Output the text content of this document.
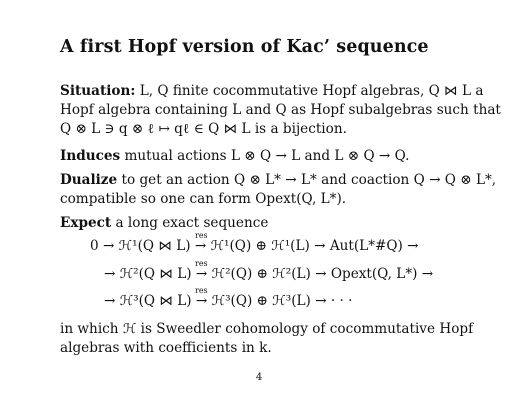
A first Hopf version of Kac’ sequence
Situation: L, Q finite cocommutative Hopf algebras, Q ⋈ L a
Hopf algebra containing L and Q as Hopf subalgebras such that
Q ⊗ L ∋ q ⊗ ℓ ↦ qℓ ∈ Q ⋈ L is a bijection.
Induces mutual actions L ⊗ Q → L and L ⊗ Q → Q.
Dualize to get an action Q ⊗ L* → L* and coaction Q → Q ⊗ L*,
compatible so one can form Opext(Q, L*).
Expect a long exact sequence
0 → ℋ¹(Q ⋈ L) → ℋ¹(Q) ⊕ ℋ¹(L) → Aut(L*#Q) →
→ ℋ²(Q ⋈ L) → ℋ²(Q) ⊕ ℋ²(L) → Opext(Q, L*) →
→ ℋ³(Q ⋈ L) → ℋ³(Q) ⊕ ℋ³(L) → · · ·
res
res
res
in which ℋ is Sweedler cohomology of cocommutative Hopf
algebras with coefficients in k.
4
